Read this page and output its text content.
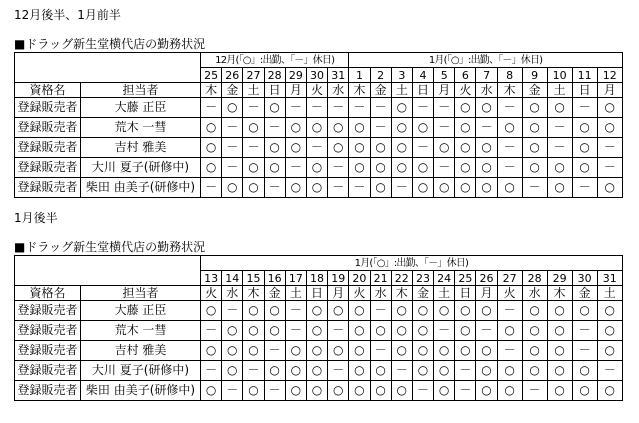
12月後半、1月前半
■ドラッグ新生堂横代店の勤務状況
		12月(「○」:出勤、「－」休日)							1月(「○」:出勤、「－」休日)											
		25	26	27	28	29	30	31	1	2	3	4	5	6	7	8	9	10	11	12
資格名	担当者	木	金	土	日	月	火	水	木	金	土	日	月	火	水	木	金	土	日	月
登録販売者	大藤 正臣	－	○	－	○	－	－	－	－	－	○	－	－	○	○	－	○	○	－	○
登録販売者	荒木 一彗	○	－	○	－	○	○	○	○	－	○	○	－	○	－	○	○	－	○	○
登録販売者	吉村 雅美	○	－	－	○	○	－	○	○	○	○	－	○	○	○	－	○	－	○	－
登録販売者	大川 夏子(研修中)	○	－	○	○	－	○	－	○	○	○	○	－	○	○	－	○	○	○	－
登録販売者	柴田 由美子(研修中)	－	○	○	－	○	○	－	－	○	－	○	○	○	○	○	－	○	－	○
1月後半
■ドラッグ新生堂横代店の勤務状況
		1月(「○」:出勤、「－」休日)																		
		13	14	15	16	17	18	19	20	21	22	23	24	25	26	27	28	29	30	31
資格名	担当者	火	水	木	金	土	日	月	火	水	木	金	土	日	月	火	水	木	金	土
登録販売者	大藤 正臣	○	－	○	○	－	○	○	○	－	○	○	○	○	○	－	○	○	○	○
登録販売者	荒木 一彗	－	○	○	○	－	○	－	○	○	○	○	－	○	－	○	○	○	－	○
登録販売者	吉村 雅美	○	○	○	－	○	○	○	○	－	○	○	○	○	○	－	○	○	－	○
登録販売者	大川 夏子(研修中)	－	○	－	○	○	○	－	○	○	－	○	○	－	○	○	○	○	○	－
登録販売者	柴田 由美子(研修中)	○	－	○	－	○	○	○	○	○	○	－	○	－	○	○	－	○	○	○
